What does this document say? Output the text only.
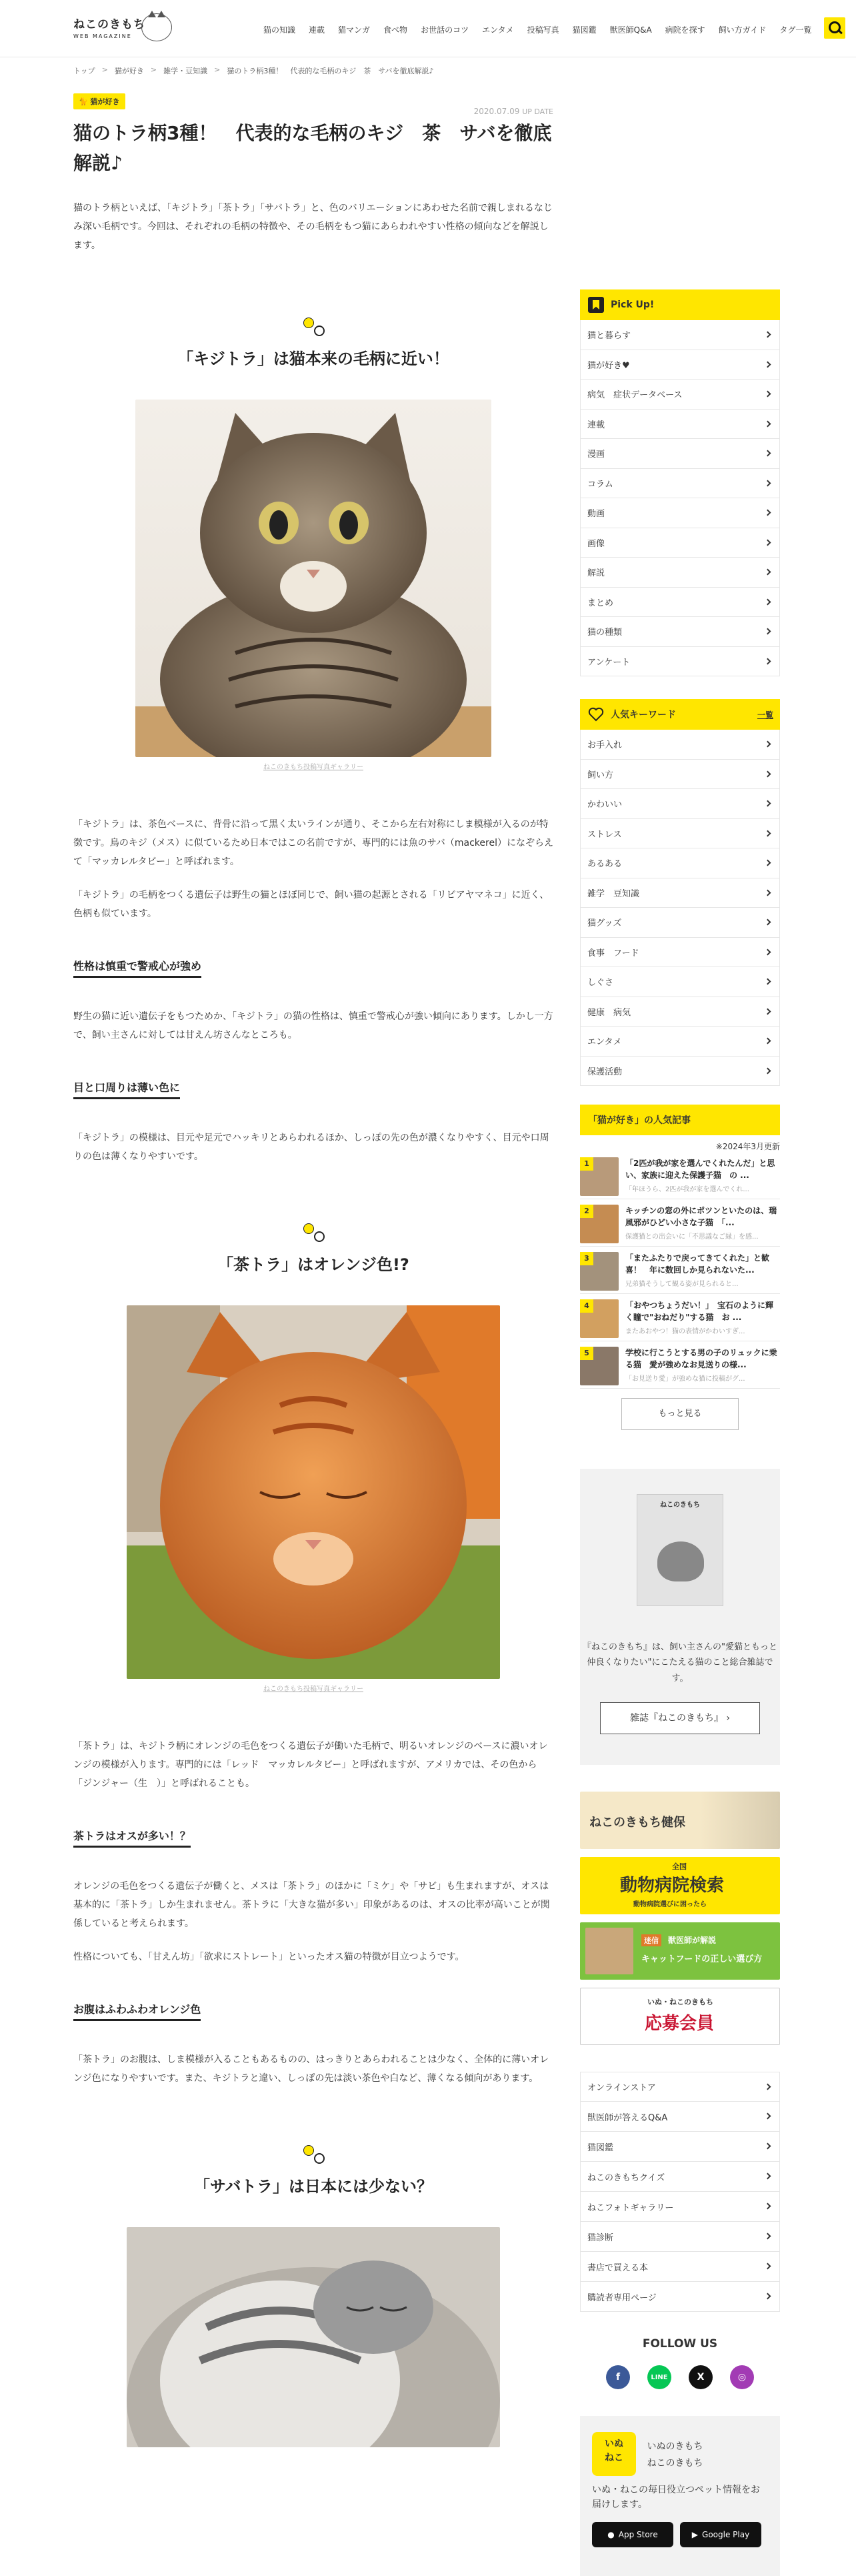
ねこのきもち
WEB MAGAZINE
猫の知識	連載	猫マンガ	食べ物	お世話のコツ	エンタメ	投稿写真	猫図鑑	獣医師Q&A	病院を探す	飼い方ガイド	タグ一覧
トップ > 猫が好き > 雑学・豆知識 > 猫のトラ柄3種！　代表的な毛柄のキジ　茶　サバを徹底解説♪
🐈 猫が好き
2020.07.09 UP DATE
猫のトラ柄3種！　代表的な毛柄のキジ　茶　サバを徹底解説♪

猫のトラ柄といえば、「キジトラ」「茶トラ」「サバトラ」と、色のバリエーションにあわせた名前で親しまれるなじみ深い毛柄です。今回は、それぞれの毛柄の特徴や、その毛柄をもつ猫にあらわれやすい性格の傾向などを解説します。

「キジトラ」は猫本来の毛柄に近い！
ねこのきもち投稿写真ギャラリー

「キジトラ」は、茶色ベースに、背骨に沿って黒く太いラインが通り、そこから左右対称にしま模様が入るのが特徴です。鳥のキジ（メス）に似ているため日本ではこの名前ですが、専門的には魚のサバ（mackerel）になぞらえて「マッカレルタビー」と呼ばれます。

「キジトラ」の毛柄をつくる遺伝子は野生の猫とほぼ同じで、飼い猫の起源とされる「リビアヤマネコ」に近く、色柄も似ています。

性格は慎重で警戒心が強め

野生の猫に近い遺伝子をもつためか、「キジトラ」の猫の性格は、慎重で警戒心が強い傾向にあります。しかし一方で、飼い主さんに対しては甘えん坊さんなところも。

目と口周りは薄い色に

「キジトラ」の模様は、目元や足元でハッキリとあらわれるほか、しっぽの先の色が濃くなりやすく、目元や口周りの色は薄くなりやすいです。

「茶トラ」はオレンジ色!?
ねこのきもち投稿写真ギャラリー

「茶トラ」は、キジトラ柄にオレンジの毛色をつくる遺伝子が働いた毛柄で、明るいオレンジのベースに濃いオレンジの模様が入ります。専門的には「レッド　マッカレルタビー」と呼ばれますが、アメリカでは、その色から「ジンジャー（生　）」と呼ばれることも。

茶トラはオスが多い！？

オレンジの毛色をつくる遺伝子が働くと、メスは「茶トラ」のほかに「ミケ」や「サビ」も生まれますが、オスは基本的に「茶トラ」しか生まれません。茶トラに「大きな猫が多い」印象があるのは、オスの比率が高いことが関係していると考えられます。

性格についても、「甘えん坊」「欲求にストレート」といったオス猫の特徴が目立つようです。

お腹はふわふわオレンジ色

「茶トラ」のお腹は、しま模様が入ることもあるものの、はっきりとあらわれることは少なく、全体的に薄いオレンジ色になりやすいです。また、キジトラと違い、しっぽの先は淡い茶色や白など、薄くなる傾向があります。

「サバトラ」は日本には少ない？
Pick Up!
猫と暮らす
猫が好き♥
病気　症状データベース
連載
漫画
コラム
動画
画像
解説
まとめ
猫の種類
アンケート
人気キーワード	一覧
お手入れ
飼い方
かわいい
ストレス
あるある
雑学　豆知識
猫グッズ
食事　フード
しぐさ
健康　病気
エンタメ
保護活動
「猫が好き」の人気記事
※2024年3月更新
1	「2匹が我が家を選んでくれたんだ」と思い、家族に迎えた保護子猫　の ...
「年ほうら、2匹が我が家を選んでくれ...
2	キッチンの窓の外にポツンといたのは、瑞風邪がひどい小さな子猫　「...
保護猫との出会いに「不思議なご縁」を感...
3	「またふたりで戻ってきてくれた」と歓喜！　年に数回しか見られないた...
兄弟猫そうして観る姿が見られると...
4	「おやつちょうだい！」　宝石のように輝く瞳で"おねだり"する猫　お ...
またあおやつ！猫の表情がかわいすぎ...
5	学校に行こうとする男の子のリュックに乗る猫　愛が強めなお見送りの様...
「お見送り愛」が強めな猫に投稿がグ...
もっと見る
ねこのきもち

『ねこのきもち』は、飼い主さんの"愛猫ともっと仲良くなりたい"にこたえる猫のこと総合雑誌です。

雑誌『ねこのきもち』 ›
ねこのきもち健保
全国
動物病院検索
動物病院選びに困ったら
迷信	獣医師が解説
キャットフードの正しい選び方
いぬ・ねこのきもち
応募会員
オンラインストア
獣医師が答えるQ&A
猫図鑑
ねこのきもちクイズ
ねこフォトギャラリー
猫診断
書店で買える本
購読者専用ページ
FOLLOW US
f	LINE	X	◎
いぬ
ねこ いぬのきもち
ねこのきもち

いぬ・ねこの毎日役立つペット情報をお届けします。

● App Store	▶ Google Play
